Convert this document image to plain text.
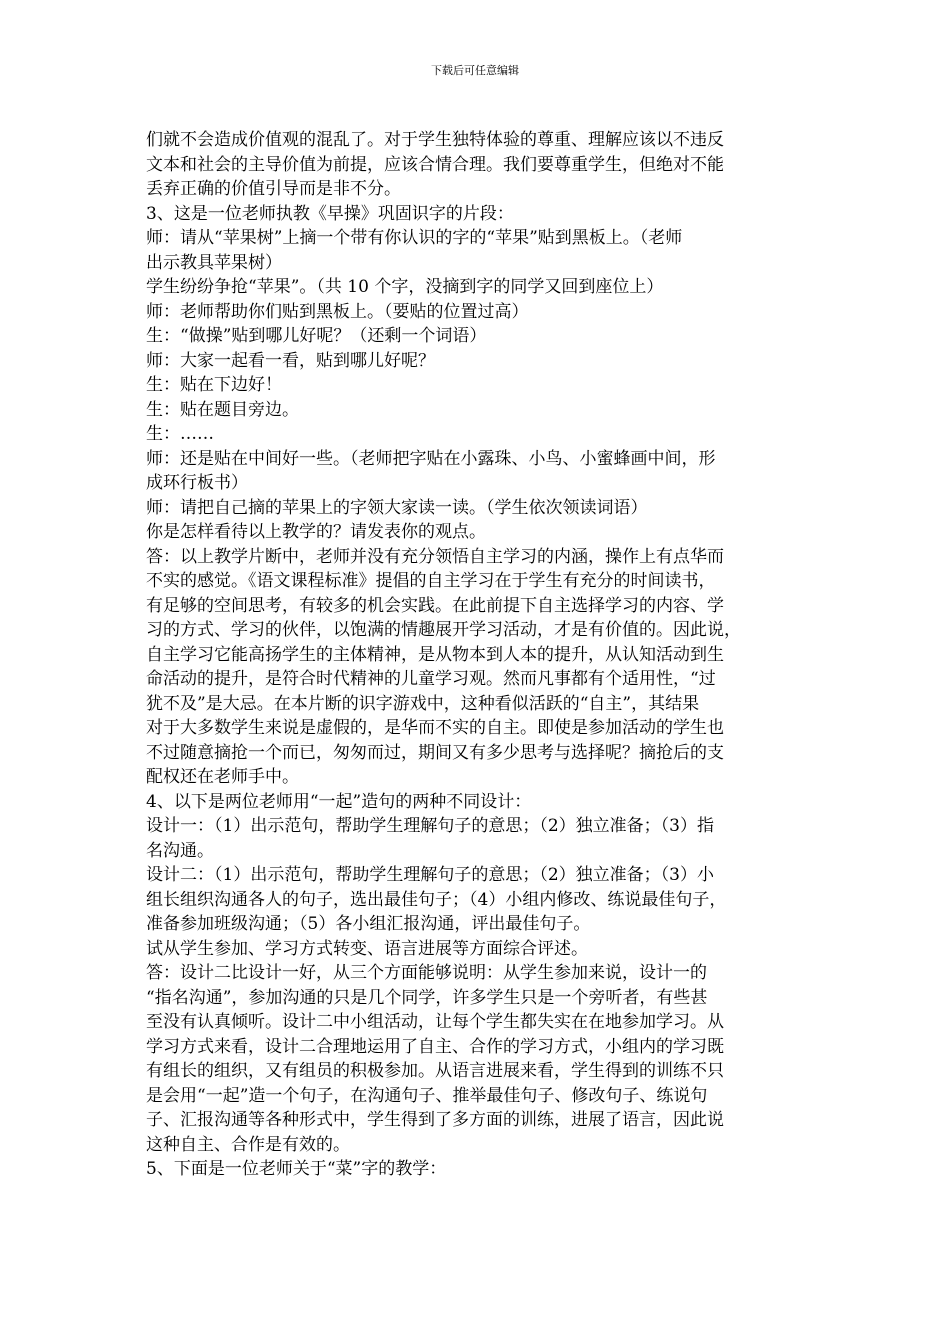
下载后可任意编辑
们就不会造成价值观的混乱了。对于学生独特体验的尊重、理解应该以不违反
文本和社会的主导价值为前提，应该合情合理。我们要尊重学生，但绝对不能
丢弃正确的价值引导而是非不分。
3、这是一位老师执教《早操》巩固识字的片段：
师：请从“苹果树”上摘一个带有你认识的字的“苹果”贴到黑板上。（老师
出示教具苹果树）
学生纷纷争抢“苹果”。（共 10 个字，没摘到字的同学又回到座位上）
师：老师帮助你们贴到黑板上。（要贴的位置过高）
生：“做操”贴到哪儿好呢？（还剩一个词语）
师：大家一起看一看，贴到哪儿好呢？
生：贴在下边好！
生：贴在题目旁边。
生：……
师：还是贴在中间好一些。（老师把字贴在小露珠、小鸟、小蜜蜂画中间，形
成环行板书）
师：请把自己摘的苹果上的字领大家读一读。（学生依次领读词语）
你是怎样看待以上教学的？请发表你的观点。
答：以上教学片断中，老师并没有充分领悟自主学习的内涵，操作上有点华而
不实的感觉。《语文课程标准》提倡的自主学习在于学生有充分的时间读书，
有足够的空间思考，有较多的机会实践。在此前提下自主选择学习的内容、学
习的方式、学习的伙伴，以饱满的情趣展开学习活动，才是有价值的。因此说，
自主学习它能高扬学生的主体精神，是从物本到人本的提升，从认知活动到生
命活动的提升，是符合时代精神的儿童学习观。然而凡事都有个适用性，“过
犹不及”是大忌。在本片断的识字游戏中，这种看似活跃的“自主”，其结果
对于大多数学生来说是虚假的，是华而不实的自主。即使是参加活动的学生也
不过随意摘抢一个而已，匆匆而过，期间又有多少思考与选择呢？摘抢后的支
配权还在老师手中。
4、以下是两位老师用“一起”造句的两种不同设计：
设计一：（1）出示范句，帮助学生理解句子的意思；（2）独立准备；（3）指
名沟通。
设计二：（1）出示范句，帮助学生理解句子的意思；（2）独立准备；（3）小
组长组织沟通各人的句子，选出最佳句子；（4）小组内修改、练说最佳句子，
准备参加班级沟通；（5）各小组汇报沟通，评出最佳句子。
试从学生参加、学习方式转变、语言进展等方面综合评述。
答：设计二比设计一好，从三个方面能够说明：从学生参加来说，设计一的
“指名沟通”，参加沟通的只是几个同学，许多学生只是一个旁听者，有些甚
至没有认真倾听。设计二中小组活动，让每个学生都失实在在地参加学习。从
学习方式来看，设计二合理地运用了自主、合作的学习方式，小组内的学习既
有组长的组织，又有组员的积极参加。从语言进展来看，学生得到的训练不只
是会用“一起”造一个句子，在沟通句子、推举最佳句子、修改句子、练说句
子、汇报沟通等各种形式中，学生得到了多方面的训练，进展了语言，因此说
这种自主、合作是有效的。
5、下面是一位老师关于“菜”字的教学：
